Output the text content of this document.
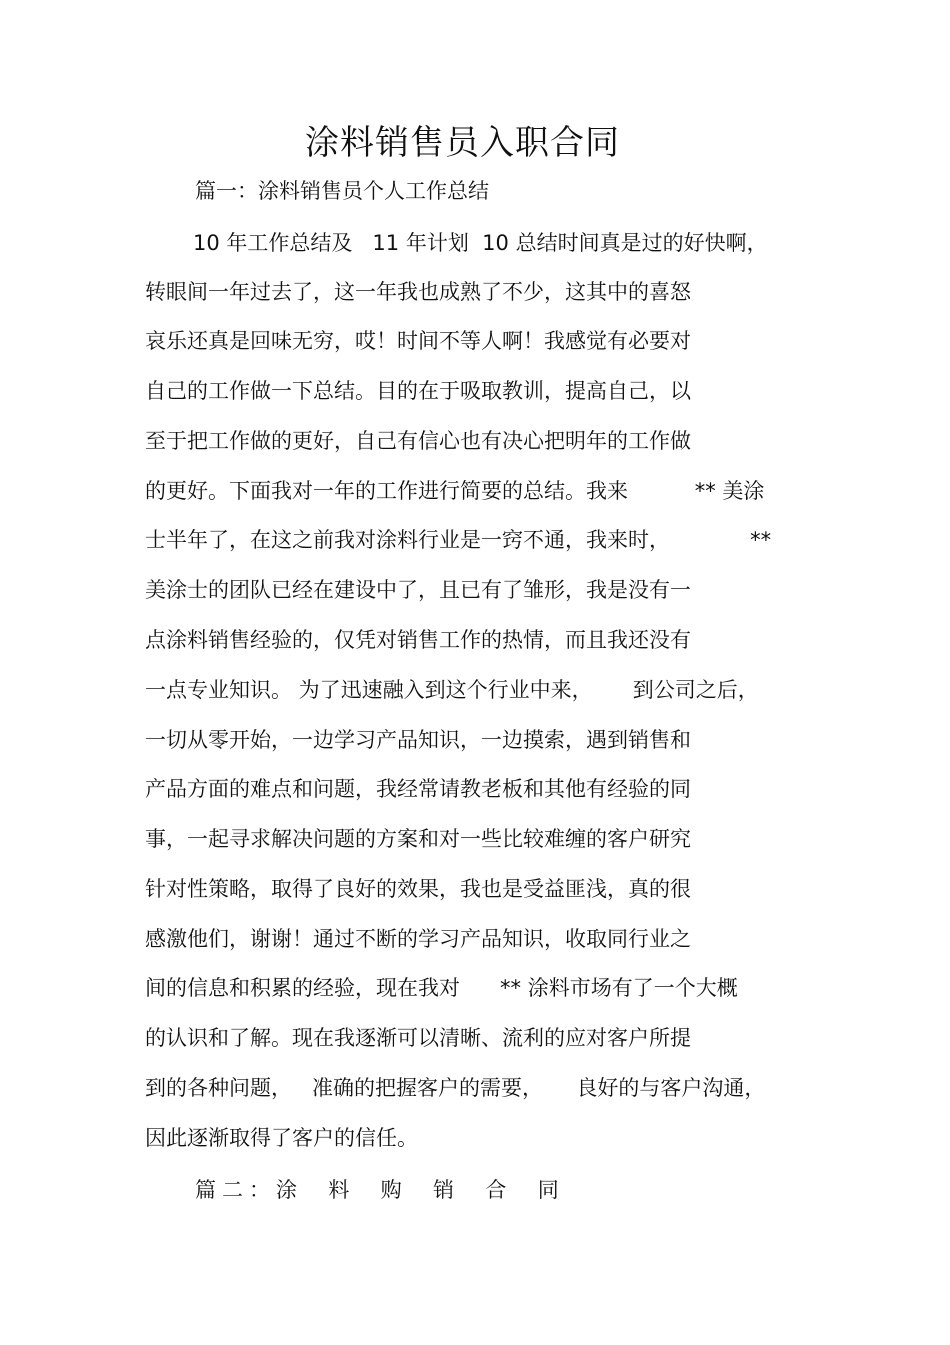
涂料销售员入职合同
篇一：涂料销售员个人工作总结
10 年工作总结及   11 年计划  10 总结时间真是过的好快啊，
转眼间一年过去了，这一年我也成熟了不少，这其中的喜怒
哀乐还真是回味无穷，哎！时间不等人啊！我感觉有必要对
自己的工作做一下总结。目的在于吸取教训，提高自己，以
至于把工作做的更好，自己有信心也有决心把明年的工作做
的更好。下面我对一年的工作进行简要的总结。我来          ** 美涂
士半年了，在这之前我对涂料行业是一窍不通，我来时，            **
美涂士的团队已经在建设中了，且已有了雏形，我是没有一
点涂料销售经验的，仅凭对销售工作的热情，而且我还没有
一点专业知识。 为了迅速融入到这个行业中来，      到公司之后，
一切从零开始，一边学习产品知识，一边摸索，遇到销售和
产品方面的难点和问题，我经常请教老板和其他有经验的同
事，一起寻求解决问题的方案和对一些比较难缠的客户研究
针对性策略，取得了良好的效果，我也是受益匪浅，真的很
感激他们，谢谢！通过不断的学习产品知识，收取同行业之
间的信息和积累的经验，现在我对      ** 涂料市场有了一个大概
的认识和了解。现在我逐渐可以清晰、流利的应对客户所提
到的各种问题，   准确的把握客户的需要，     良好的与客户沟通，
因此逐渐取得了客户的信任。
篇二：涂  料  购  销  合  同
